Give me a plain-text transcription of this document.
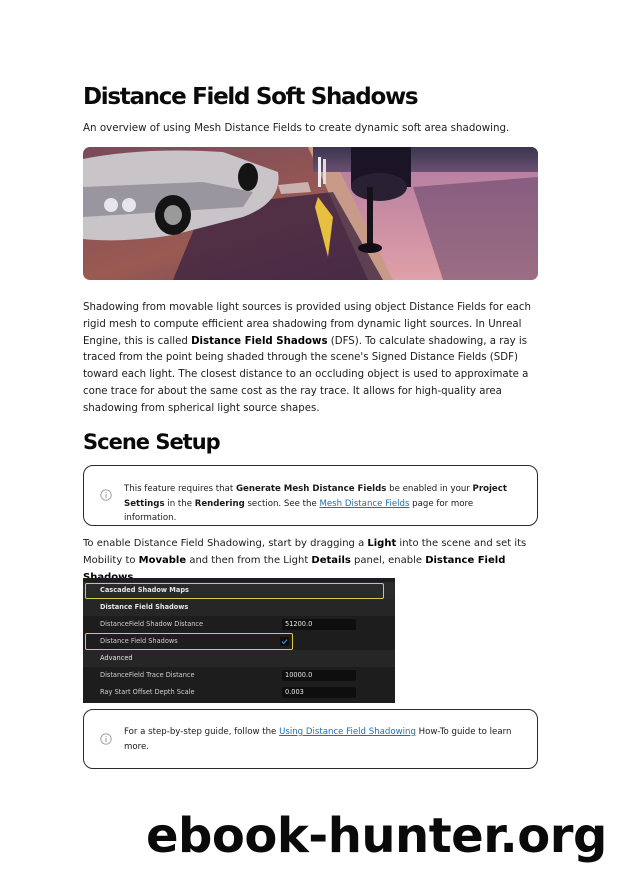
Distance Field Soft Shadows
An overview of using Mesh Distance Fields to create dynamic soft area shadowing.
Shadowing from movable light sources is provided using object Distance Fields for each rigid mesh to compute efficient area shadowing from dynamic light sources. In Unreal Engine, this is called Distance Field Shadows (DFS). To calculate shadowing, a ray is traced from the point being shaded through the scene's Signed Distance Fields (SDF) toward each light. The closest distance to an occluding object is used to approximate a cone trace for about the same cost as the ray trace. It allows for high-quality area shadowing from spherical light source shapes.
Scene Setup
This feature requires that Generate Mesh Distance Fields be enabled in your Project Settings in the Rendering section. See the Mesh Distance Fields page for more information.
To enable Distance Field Shadowing, start by dragging a Light into the scene and set its Mobility to Movable and then from the Light Details panel, enable Distance Field
Cascaded Shadow Maps
Distance Field Shadows
DistanceField Shadow Distance	51200.0
Distance Field Shadows
Advanced
DistanceField Trace Distance	10000.0
Ray Start Offset Depth Scale	0.003
For a step-by-step guide, follow the Using Distance Field Shadowing How-To guide to learn more.
ebook-hunter.org
